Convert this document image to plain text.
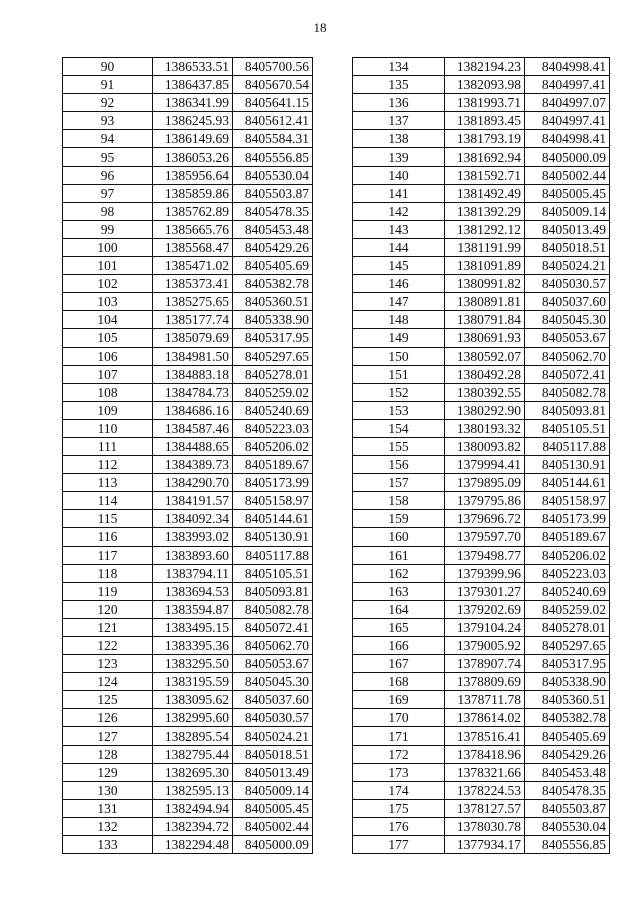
18
90	1386533.51	8405700.56
91	1386437.85	8405670.54
92	1386341.99	8405641.15
93	1386245.93	8405612.41
94	1386149.69	8405584.31
95	1386053.26	8405556.85
96	1385956.64	8405530.04
97	1385859.86	8405503.87
98	1385762.89	8405478.35
99	1385665.76	8405453.48
100	1385568.47	8405429.26
101	1385471.02	8405405.69
102	1385373.41	8405382.78
103	1385275.65	8405360.51
104	1385177.74	8405338.90
105	1385079.69	8405317.95
106	1384981.50	8405297.65
107	1384883.18	8405278.01
108	1384784.73	8405259.02
109	1384686.16	8405240.69
110	1384587.46	8405223.03
111	1384488.65	8405206.02
112	1384389.73	8405189.67
113	1384290.70	8405173.99
114	1384191.57	8405158.97
115	1384092.34	8405144.61
116	1383993.02	8405130.91
117	1383893.60	8405117.88
118	1383794.11	8405105.51
119	1383694.53	8405093.81
120	1383594.87	8405082.78
121	1383495.15	8405072.41
122	1383395.36	8405062.70
123	1383295.50	8405053.67
124	1383195.59	8405045.30
125	1383095.62	8405037.60
126	1382995.60	8405030.57
127	1382895.54	8405024.21
128	1382795.44	8405018.51
129	1382695.30	8405013.49
130	1382595.13	8405009.14
131	1382494.94	8405005.45
132	1382394.72	8405002.44
133	1382294.48	8405000.09
134	1382194.23	8404998.41
135	1382093.98	8404997.41
136	1381993.71	8404997.07
137	1381893.45	8404997.41
138	1381793.19	8404998.41
139	1381692.94	8405000.09
140	1381592.71	8405002.44
141	1381492.49	8405005.45
142	1381392.29	8405009.14
143	1381292.12	8405013.49
144	1381191.99	8405018.51
145	1381091.89	8405024.21
146	1380991.82	8405030.57
147	1380891.81	8405037.60
148	1380791.84	8405045.30
149	1380691.93	8405053.67
150	1380592.07	8405062.70
151	1380492.28	8405072.41
152	1380392.55	8405082.78
153	1380292.90	8405093.81
154	1380193.32	8405105.51
155	1380093.82	8405117.88
156	1379994.41	8405130.91
157	1379895.09	8405144.61
158	1379795.86	8405158.97
159	1379696.72	8405173.99
160	1379597.70	8405189.67
161	1379498.77	8405206.02
162	1379399.96	8405223.03
163	1379301.27	8405240.69
164	1379202.69	8405259.02
165	1379104.24	8405278.01
166	1379005.92	8405297.65
167	1378907.74	8405317.95
168	1378809.69	8405338.90
169	1378711.78	8405360.51
170	1378614.02	8405382.78
171	1378516.41	8405405.69
172	1378418.96	8405429.26
173	1378321.66	8405453.48
174	1378224.53	8405478.35
175	1378127.57	8405503.87
176	1378030.78	8405530.04
177	1377934.17	8405556.85
